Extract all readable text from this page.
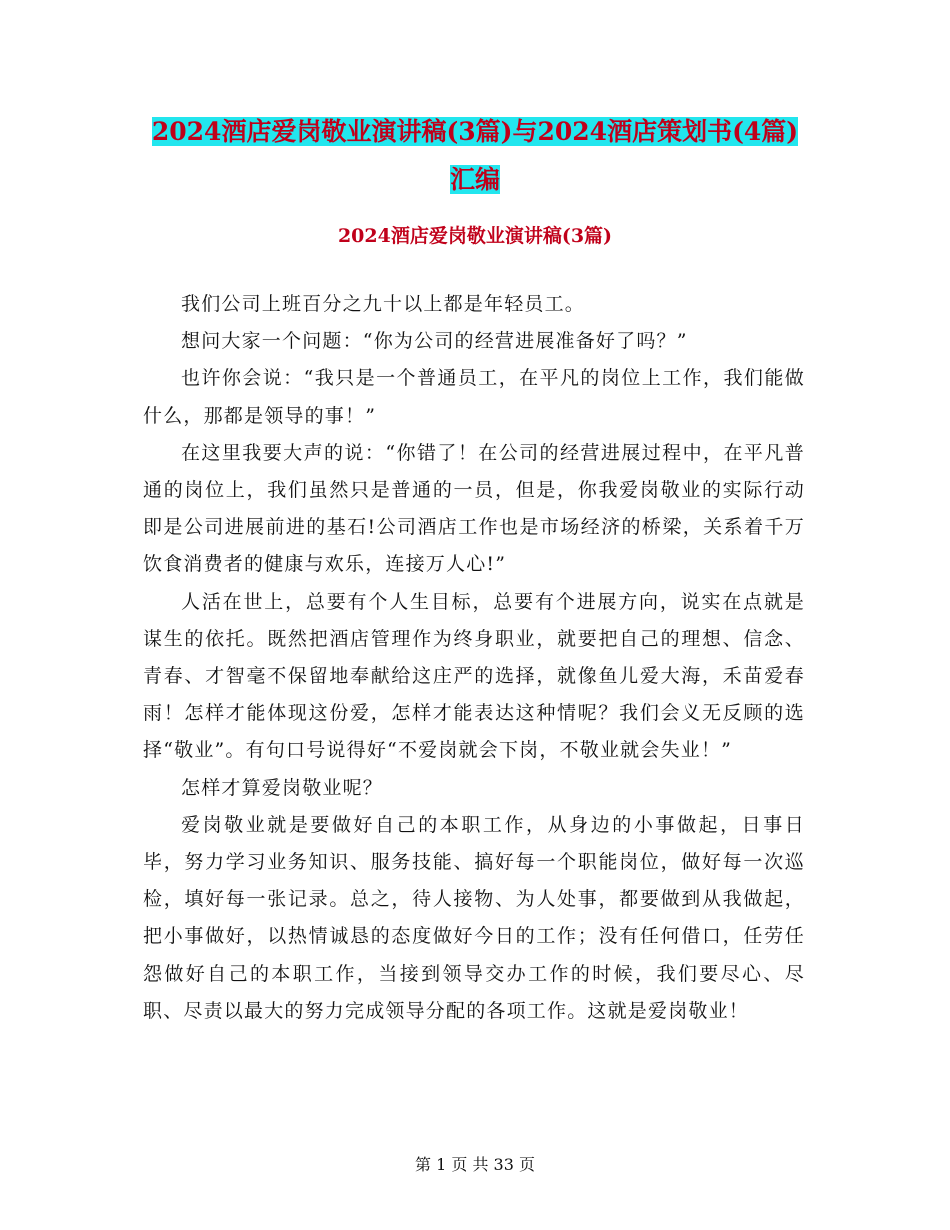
2024酒店爱岗敬业演讲稿(3篇)与2024酒店策划书(4篇)汇编
2024酒店爱岗敬业演讲稿(3篇)

我们公司上班百分之九十以上都是年轻员工。

想问大家一个问题：“你为公司的经营进展准备好了吗？”

也许你会说：“我只是一个普通员工，在平凡的岗位上工作，我们能做什么，那都是领导的事！”

在这里我要大声的说：“你错了！在公司的经营进展过程中，在平凡普通的岗位上，我们虽然只是普通的一员，但是，你我爱岗敬业的实际行动即是公司进展前进的基石!公司酒店工作也是市场经济的桥梁，关系着千万饮食消费者的健康与欢乐，连接万人心!”

人活在世上，总要有个人生目标，总要有个进展方向，说实在点就是谋生的依托。既然把酒店管理作为终身职业，就要把自己的理想、信念、青春、才智毫不保留地奉献给这庄严的选择，就像鱼儿爱大海，禾苗爱春雨！怎样才能体现这份爱，怎样才能表达这种情呢？我们会义无反顾的选择“敬业”。有句口号说得好“不爱岗就会下岗，不敬业就会失业！”

怎样才算爱岗敬业呢？

爱岗敬业就是要做好自己的本职工作，从身边的小事做起，日事日毕，努力学习业务知识、服务技能、搞好每一个职能岗位，做好每一次巡检，填好每一张记录。总之，待人接物、为人处事，都要做到从我做起，把小事做好，以热情诚恳的态度做好今日的工作；没有任何借口，任劳任怨做好自己的本职工作，当接到领导交办工作的时候，我们要尽心、尽职、尽责以最大的努力完成领导分配的各项工作。这就是爱岗敬业！

第 1 页 共 33 页
